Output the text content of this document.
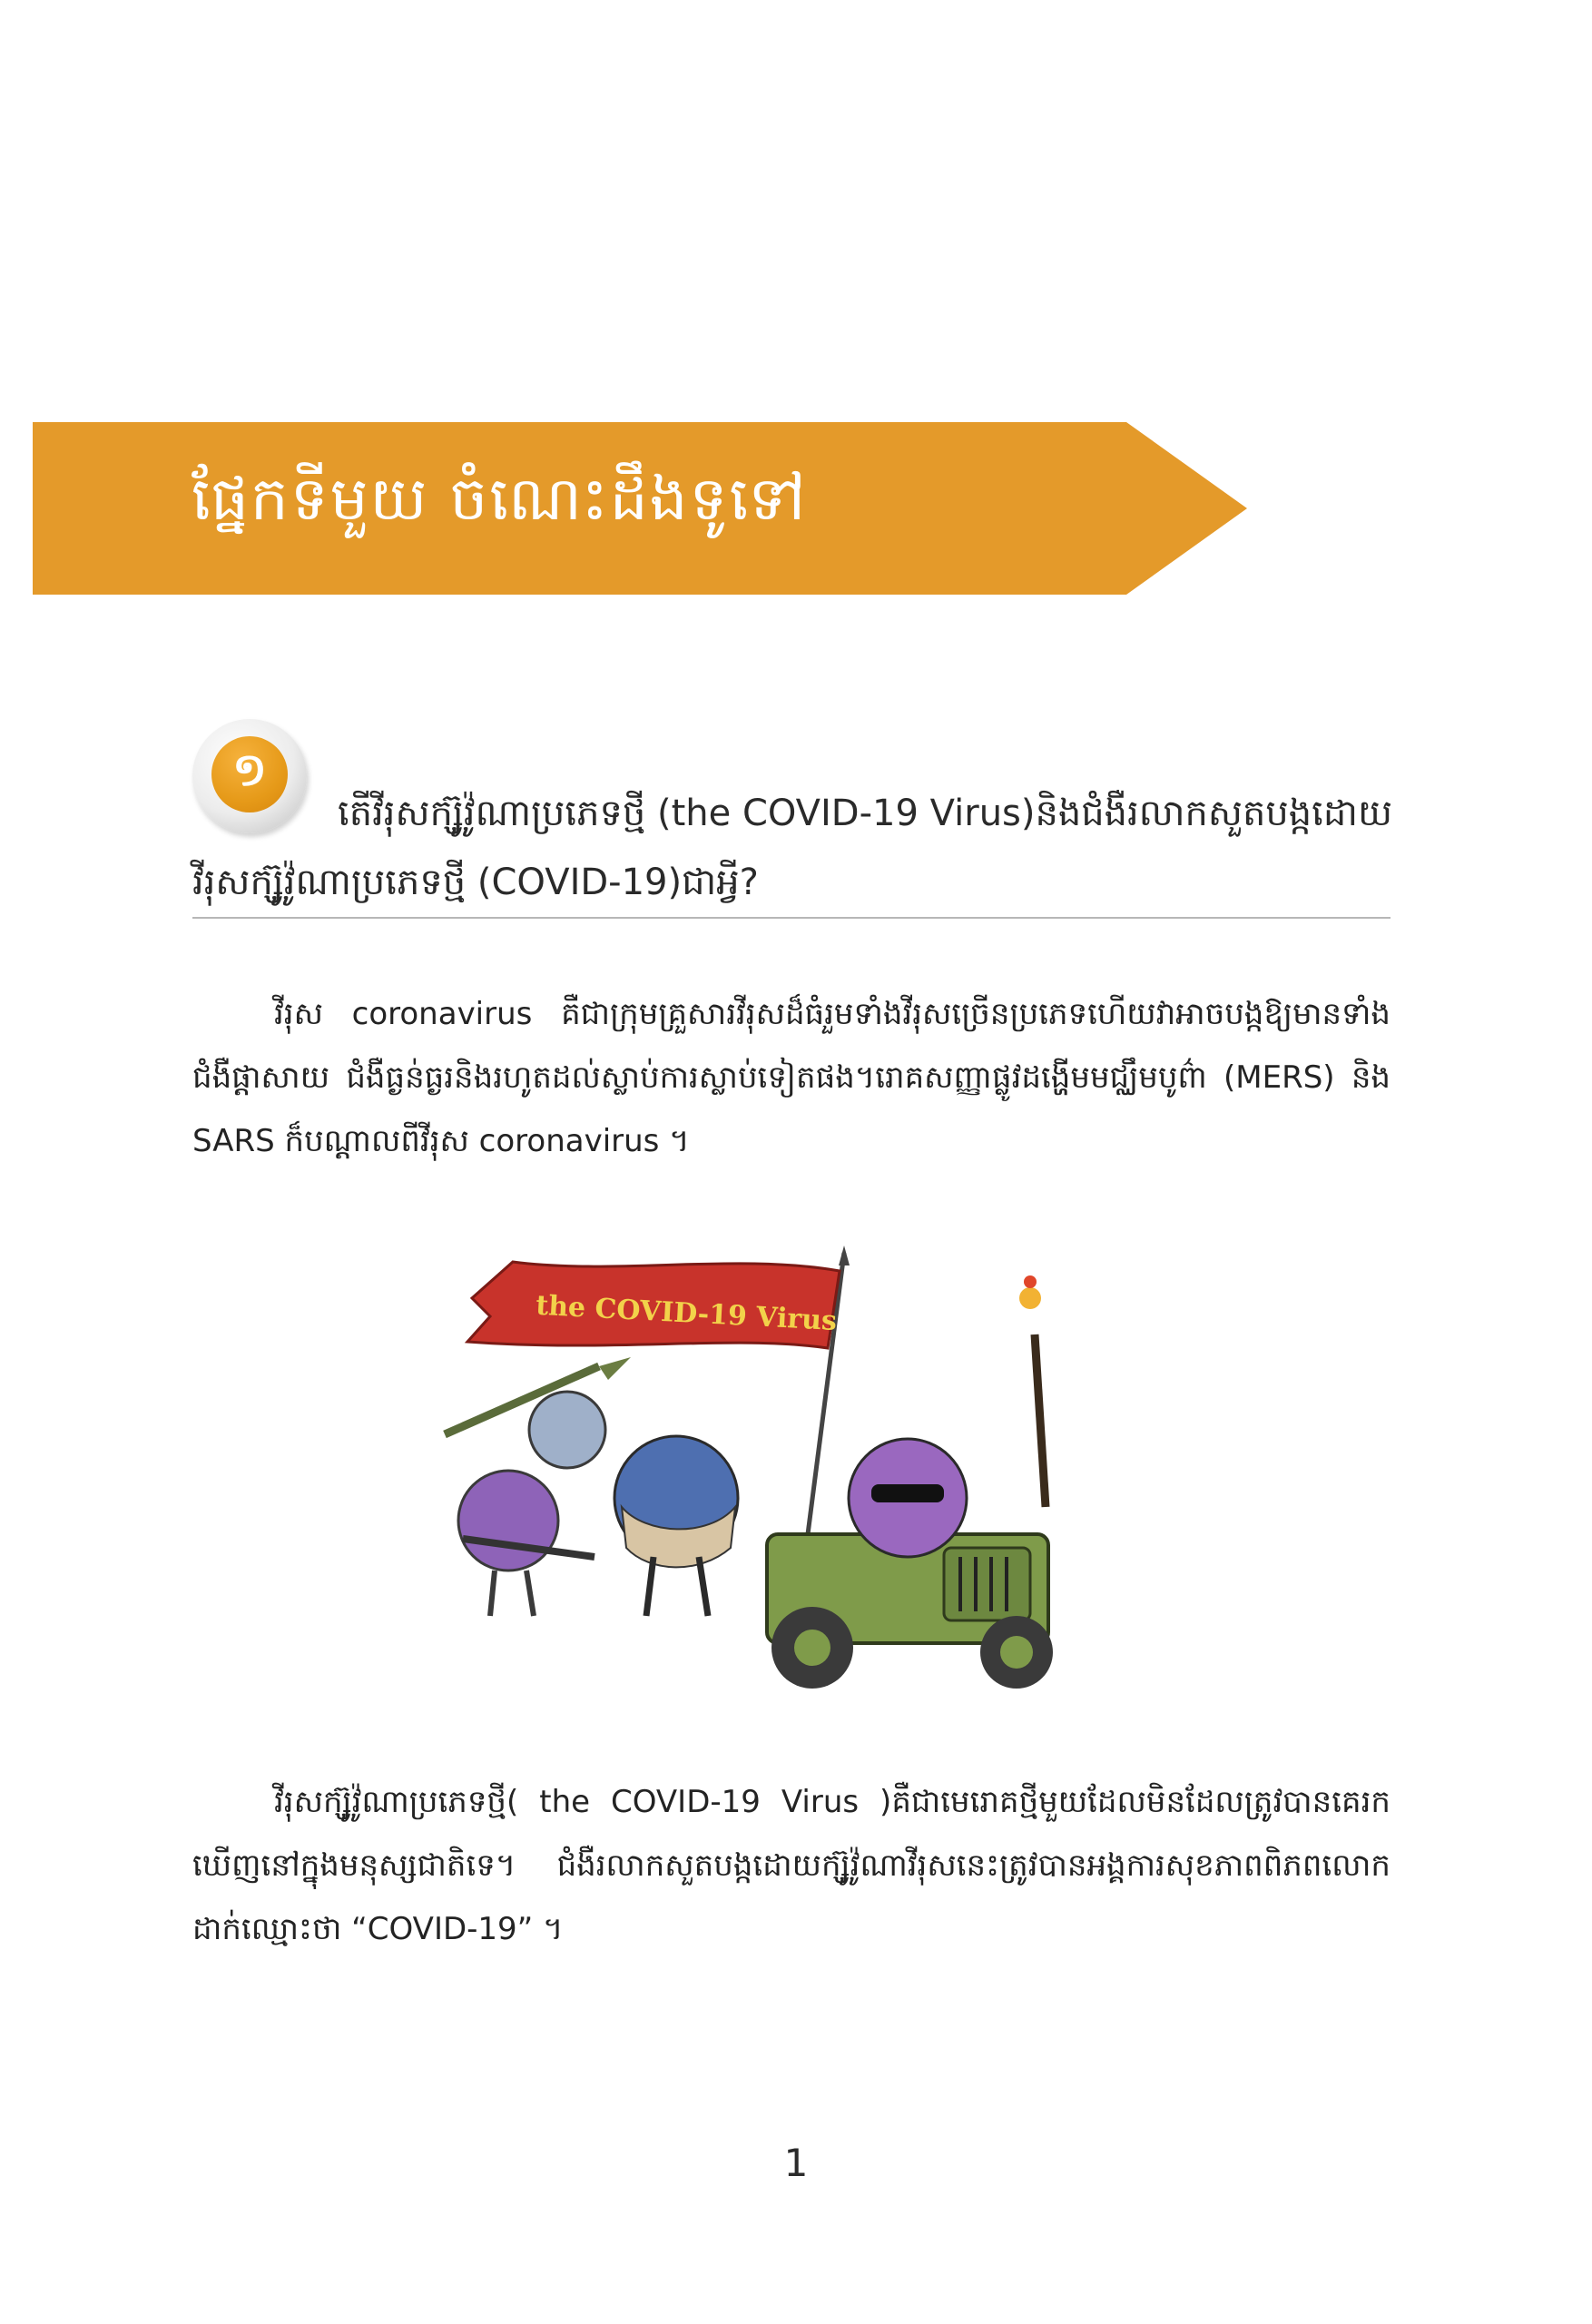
ផ្នែកទីមួយ ចំណេះដឹងទូទៅ
១
តើវីរុសក្ស៊ូវ៉ូណាប្រភេទថ្មី (the COVID-19 Virus)និងជំងឺរលាកសួតបង្កដោយវីរុសក្ស៊ូវ៉ូណាប្រភេទថ្មី (COVID-19)ជាអ្វី?
វីរុស coronavirus គឺជាក្រុមគ្រួសារវីរុសដ៏ធំរួមទាំងវីរុសច្រើនប្រភេទហើយវាអាចបង្កឱ្យមានទាំងជំងឺផ្តាសាយ ជំងឺធ្ងន់ធ្ងរនិងរហូតដល់ស្លាប់ការស្លាប់ទៀតផង។រោគសញ្ញាផ្លូវដង្ហើមមជ្ឈឹមបូព៌ា (MERS) និង SARS ក៏បណ្ដាលពីវីរុស coronavirus ។
the COVID-19 Virus
វីរុសក្ស៊ូវ៉ូណាប្រភេទថ្មី( the COVID-19 Virus )គឺជាមេរោគថ្មីមួយដែលមិនដែលត្រូវបានគេរកឃើញនៅក្នុងមនុស្សជាតិទេ។ ជំងឺរលាកសួតបង្កដោយក្ស៊ូវ៉ូណាវីរុសនេះត្រូវបានអង្គការសុខភាពពិភពលោកដាក់ឈ្មោះថា “COVID-19” ។
1
